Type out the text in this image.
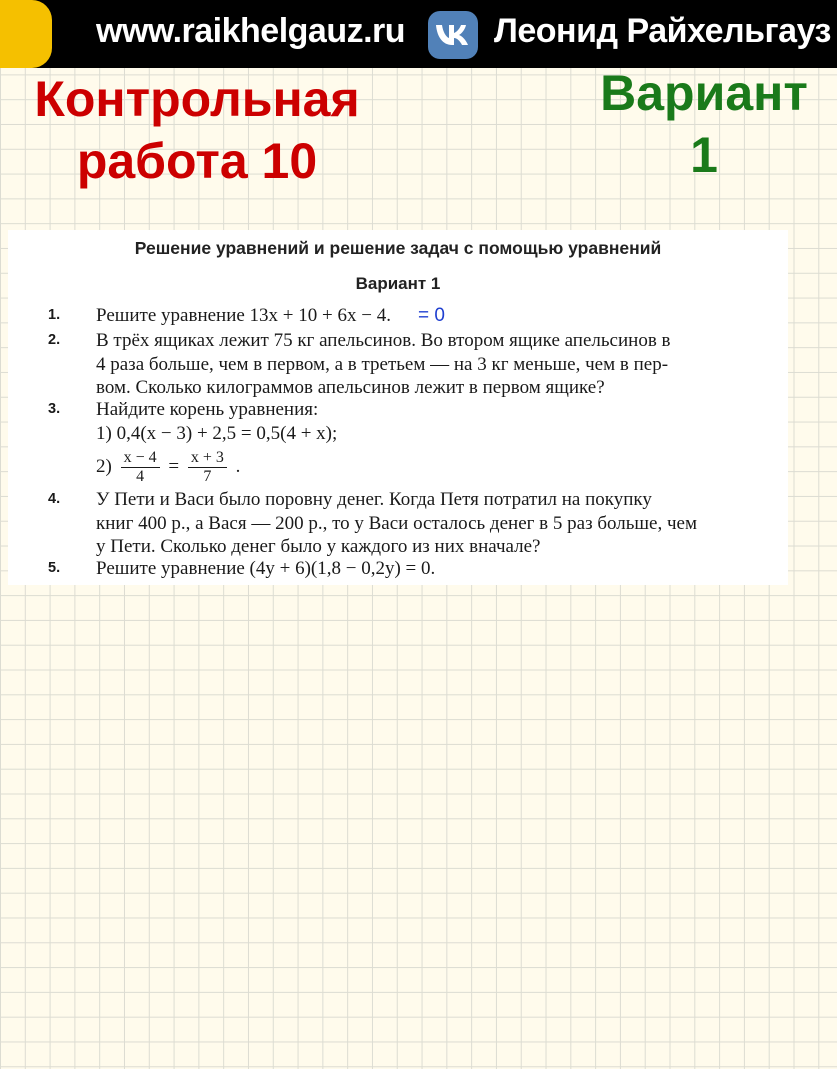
www.raikhelgauz.ru	Леонид Райхельгауз
Контрольная
работа 10
Вариант
1
Решение уравнений и решение задач с помощью уравнений
Вариант 1
1. Решите уравнение 13x + 10 + 6x − 4.	= 0
2. В трёх ящиках лежит 75 кг апельсинов. Во втором ящике апельсинов в
4 раза больше, чем в первом, а в третьем — на 3 кг меньше, чем в пер-
вом. Сколько килограммов апельсинов лежит в первом ящике?
3. Найдите корень уравнения:
1) 0,4(x − 3) + 2,5 = 0,5(4 + x);
$2) \frac{x - 4}{4} = \frac{x + 3}{7}$ .
4. У Пети и Васи было поровну денег. Когда Петя потратил на покупку
книг 400 р., а Вася — 200 р., то у Васи осталось денег в 5 раз больше, чем
у Пети. Сколько денег было у каждого из них вначале?
5. Решите уравнение (4y + 6)(1,8 − 0,2y) = 0.
